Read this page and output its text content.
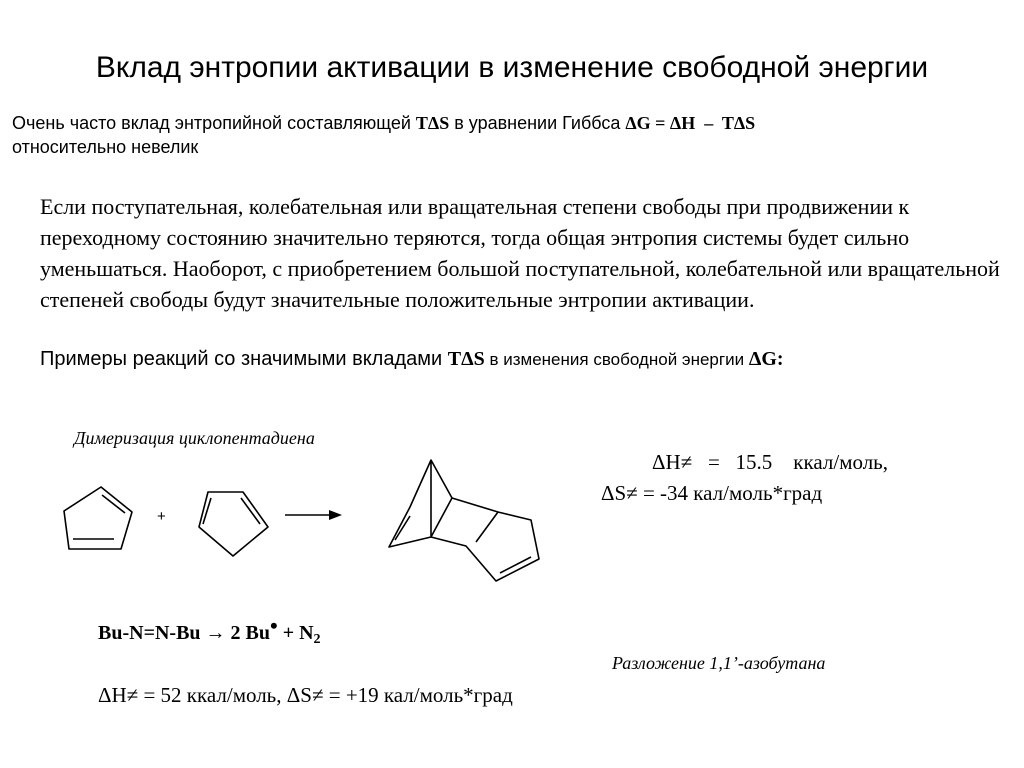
Вклад энтропии активации в изменение свободной энергии
Очень часто вклад энтропийной составляющей TΔS в уравнении Гиббса ΔG = ΔH  –  TΔS
относительно невелик
Если поступательная, колебательная или вращательная степени свободы при продвижении к переходному состоянию значительно теряются, тогда общая энтропия системы будет сильно уменьшаться. Наоборот, с приобретением большой поступательной, колебательной или вращательной степеней свободы будут значительные положительные энтропии активации.
Примеры реакций со значимыми вкладами TΔS в изменения свободной энергии ΔG:
Димеризация циклопентадиена
+
ΔH≠   =   15.5    ккал/моль,
ΔS≠ = -34 кал/моль*град
Bu-N=N-Bu → 2 $Bu^• + N_2$
Разложение 1,1’-азобутана
ΔH≠ = 52 ккал/моль, ΔS≠ = +19 кал/моль*град
